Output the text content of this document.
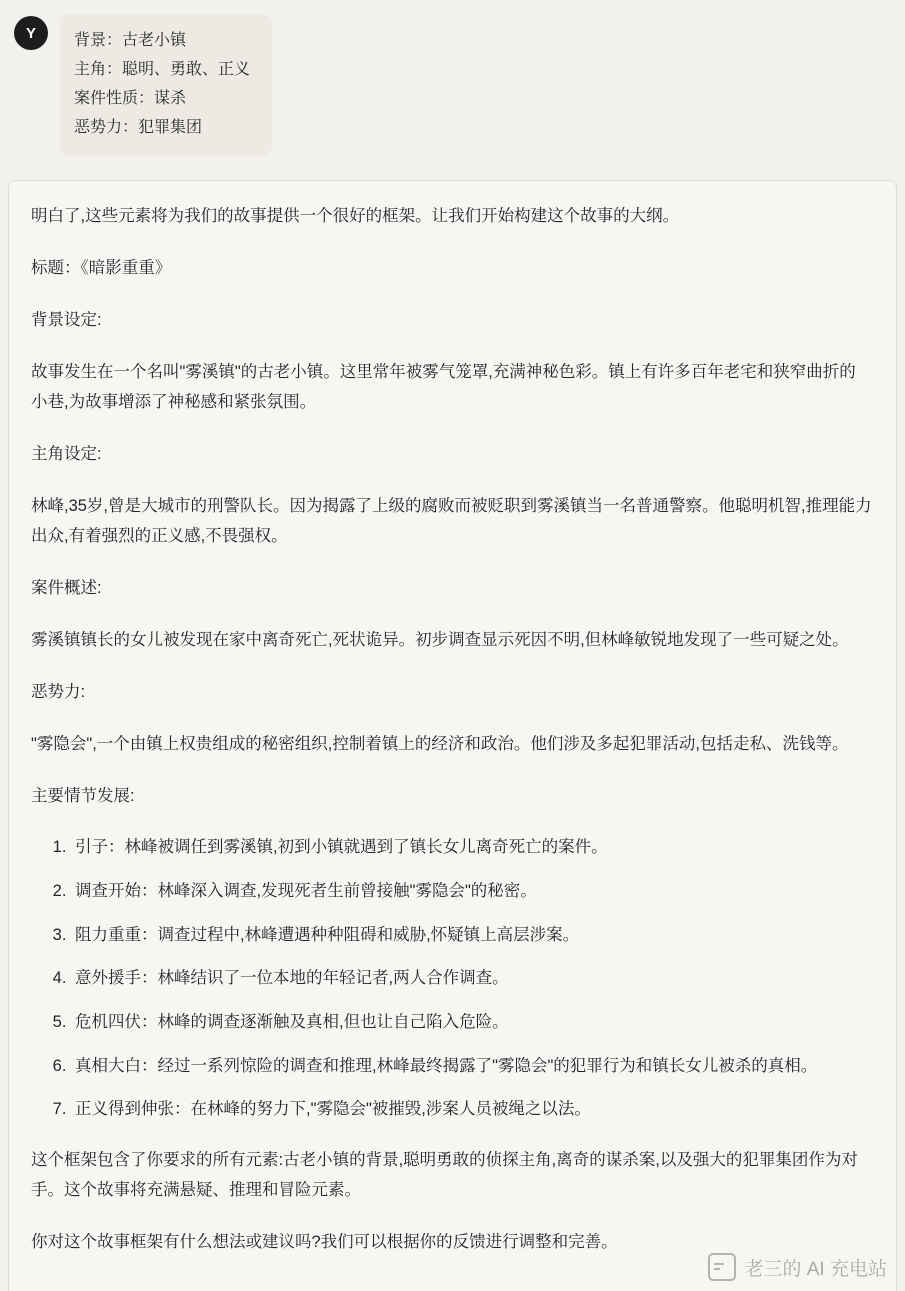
Y	背景：古老小镇
主角：聪明、勇敢、正义
案件性质：谋杀
恶势力：犯罪集团

明白了,这些元素将为我们的故事提供一个很好的框架。让我们开始构建这个故事的大纲。

标题：《暗影重重》

背景设定:

故事发生在一个名叫"雾溪镇"的古老小镇。这里常年被雾气笼罩,充满神秘色彩。镇上有许多百年老宅和狭窄曲折的小巷,为故事增添了神秘感和紧张氛围。

主角设定:

林峰,35岁,曾是大城市的刑警队长。因为揭露了上级的腐败而被贬职到雾溪镇当一名普通警察。他聪明机智,推理能力出众,有着强烈的正义感,不畏强权。

案件概述:

雾溪镇镇长的女儿被发现在家中离奇死亡,死状诡异。初步调查显示死因不明,但林峰敏锐地发现了一些可疑之处。

恶势力:

"雾隐会",一个由镇上权贵组成的秘密组织,控制着镇上的经济和政治。他们涉及多起犯罪活动,包括走私、洗钱等。

主要情节发展:

1. 引子：林峰被调任到雾溪镇,初到小镇就遇到了镇长女儿离奇死亡的案件。
2. 调查开始：林峰深入调查,发现死者生前曾接触"雾隐会"的秘密。
3. 阻力重重：调查过程中,林峰遭遇种种阻碍和威胁,怀疑镇上高层涉案。
4. 意外援手：林峰结识了一位本地的年轻记者,两人合作调查。
5. 危机四伏：林峰的调查逐渐触及真相,但也让自己陷入危险。
6. 真相大白：经过一系列惊险的调查和推理,林峰最终揭露了"雾隐会"的犯罪行为和镇长女儿被杀的真相。
7. 正义得到伸张：在林峰的努力下,"雾隐会"被摧毁,涉案人员被绳之以法。

这个框架包含了你要求的所有元素:古老小镇的背景,聪明勇敢的侦探主角,离奇的谋杀案,以及强大的犯罪集团作为对手。这个故事将充满悬疑、推理和冒险元素。

你对这个故事框架有什么想法或建议吗?我们可以根据你的反馈进行调整和完善。

老三的 AI 充电站
